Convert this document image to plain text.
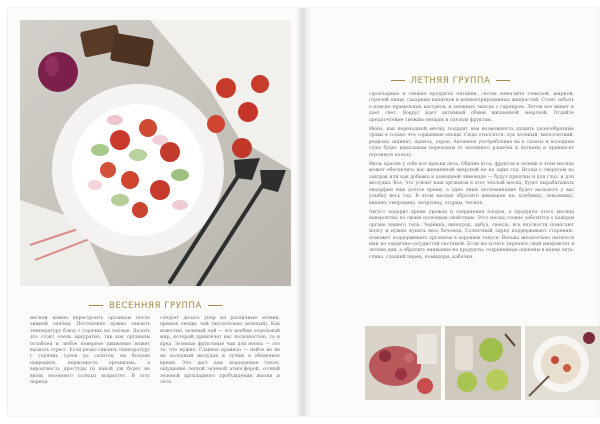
ВЕСЕННЯЯ ГРУППА

Весной важно перестроить организм после зимней спячки. Постепенно нужно снизить температуру блюд с горячих на теплые. Делать это стоит очень аккуратно, так как организм ослаблен и любое неверное движение может вызвать стресс. Если резко снизить температуру с горячих супов до салатов, вы больше навредите, нервозность организма, а вероятность простуды (и какой уж будет не вновь весеннего солнца) возрастет. В этот период

следует делать упор на различные зелени, пряные овощи, чай (желательно зеленый). Как известно, зеленый чай — это вообще отдельный мир, который привлечет вас полезностью, то и вред. Зеленые фруктовые чаи для весны — это то, что нужно. Главное правило — пейте их не на холодный желудок и лучше в обеденное время. Это даст вам подходящее тепло, ощущение легкой зеленой атмосферой, сочной зеленой прохладного пробуждения жизни и лета.

ЛЕТНЯЯ ГРУППА

Прохладные и свежие продукты питания. Летом избегайте тяжелой, жирной, горячей пищи, сахарных напитков и концентрированных жидкостей. Стоит забыть о поиске правильных кастрюль и овощных чипсах с гарниром. Летом все живет и дает свет. Вокруг идет активный обмен жизненной энергией. Отдайте предпочтение свежим овощам и спелым фруктам.

Июнь, как переходный месяц, подарит вам возможность пушить разнообразные травы в только что сорванные овощи. Сюда относятся: лук зеленый, многолетний, редиска, шпинат, щавель, укроп. Активное употребление их в салаты и холодные супы будет идеальным переходом от весеннего рациона к летнему и привнесет огромную пользу.

Июль красив у себе все краски лета. Обилие ягод, фруктов и зелени в этом месяце может обеспечить вас жизненной энергией не на один год. Ягоды с творогом на завтрак или как добавка к домашней лимонаде — будут приятны и для глаз, и для желудка. Все, что усвоит наш организм в этот теплый месяц, будет вырабатывать эндорфин еще долгое время, а одно лишь воспоминание будет вызывать у вас улыбку весь год. В этом месяце обратите внимание на: клубнику, землянику, вишню, смородину, петрушку, огурцы, чеснок.

Август подарит время урожая и сохранения плодов, а продукты этого месяца невероятны по своим полезным свойствам. Этот месяц словно заботится о каждом органе нашего тела. Черника, виноград, арбуз, свекла, все вкусности помогают мозгу и нужно купить весь бочонок. Солнечный заряд поддерживает старению, поможет поддерживать организм в хорошем тонусе. Весьма желательно питаться ими по сердечно-сосудистой системой. Если вы хотите укрепить свой иммунитет в летние дни, а обратить внимание на продукты, сохраненные оценены в конце лета: слива, сладкий перец, помидоры, кабачки.
